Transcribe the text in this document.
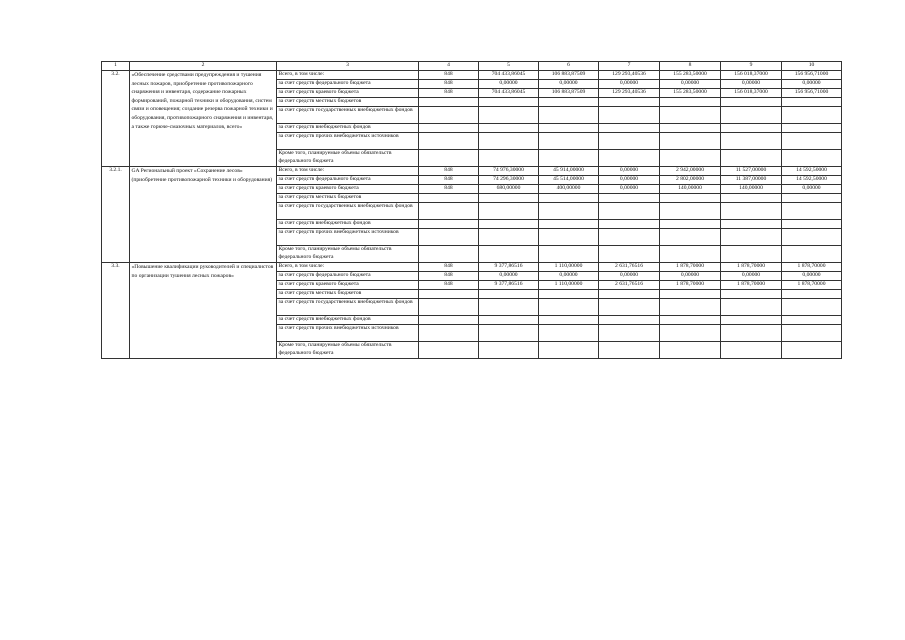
1	2	3	4	5	6	7	8	9	10
3.2.	«Обеспечение средствами предупреждения и тушения лесных пожаров, приобретение противопожарного снаряжения и инвентаря, содержание пожарных формирований, пожарной техники и оборудования, систем связи и оповещения; создание резерва пожарной техники и оборудования, противопожарного снаряжения и инвентаря, а также горюче-смазочных материалов, всего»	Всего, в том числе:	848	704 433,86045	106 883,87509	129 293,40536	155 283,50000	156 018,37000	156 956,71000
		за счет средств федерального бюджета	848	0,00000	0,00000	0,00000	0,00000	0,00000	0,00000
		за счет средств краевого бюджета	848	704 433,86045	106 883,87509	129 293,40536	155 283,50000	156 018,37000	156 956,71000
		за счет средств местных бюджетов							
		за счет средств государственных внебюджетных фондов							
		за счет средств внебюджетных фондов							
		за счет средств прочих внебюджетных источников							
		Кроме того, планируемые объемы обязательств федерального бюджета							
3.2.1.	GA Региональный проект «Сохранение лесов» (приобретение противопожарной техники и оборудования)	Всего, в том числе:	848	74 976,30000	45 914,00000	0,00000	2 942,00000	11 527,00000	14 592,50000
		за счет средств федерального бюджета	848	74 296,30000	45 514,00000	0,00000	2 802,00000	11 387,00000	14 592,50000
		за счет средств краевого бюджета	848	680,00000	400,00000	0,00000	140,00000	140,00000	0,00000
		за счет средств местных бюджетов							
		за счет средств государственных внебюджетных фондов							
		за счет средств внебюджетных фондов							
		за счет средств прочих внебюджетных источников							
		Кроме того, планируемые объемы обязательств федерального бюджета							
3.3.	«Повышение квалификации руководителей и специалистов по организации тушения лесных пожаров»	Всего, в том числе:	848	9 377,86516	1 110,00000	2 631,76516	1 878,70000	1 878,70000	1 878,70000
		за счет средств федерального бюджета	848	0,00000	0,00000	0,00000	0,00000	0,00000	0,00000
		за счет средств краевого бюджета	848	9 377,86516	1 110,00000	2 631,76516	1 878,70000	1 878,70000	1 878,70000
		за счет средств местных бюджетов							
		за счет средств государственных внебюджетных фондов							
		за счет средств внебюджетных фондов							
		за счет средств прочих внебюджетных источников							
		Кроме того, планируемые объемы обязательств федерального бюджета							
